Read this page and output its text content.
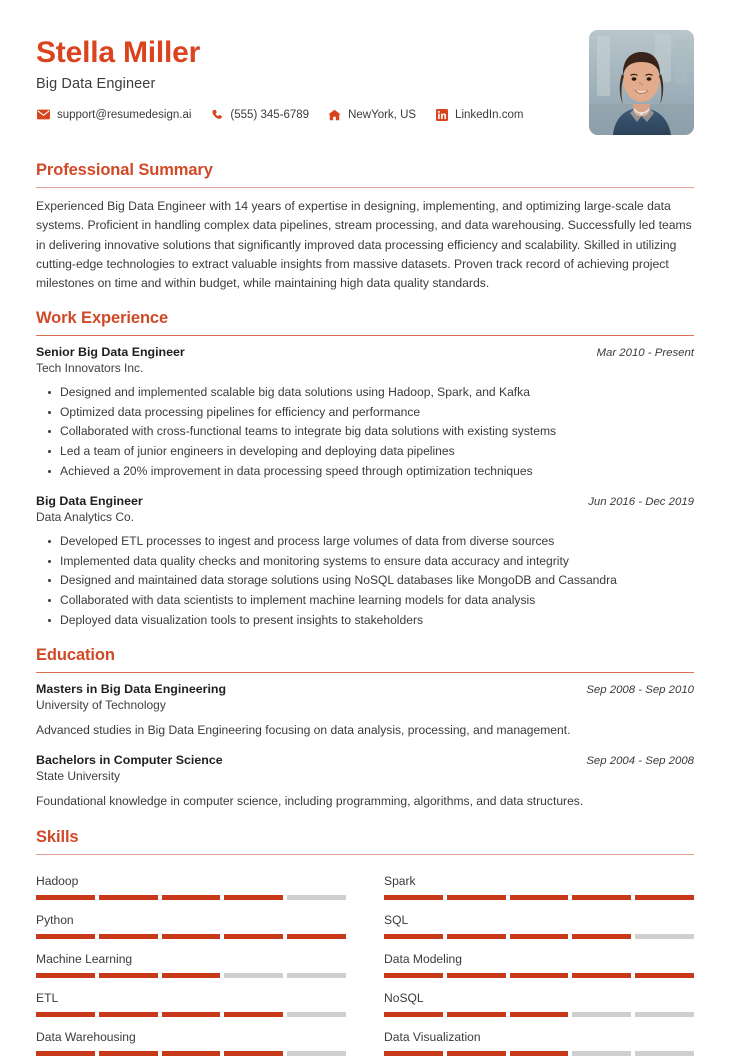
Stella Miller
Big Data Engineer
support@resumedesign.ai	(555) 345-6789	NewYork, US	LinkedIn.com
Professional Summary
Experienced Big Data Engineer with 14 years of expertise in designing, implementing, and optimizing large-scale data systems. Proficient in handling complex data pipelines, stream processing, and data warehousing. Successfully led teams in delivering innovative solutions that significantly improved data processing efficiency and scalability. Skilled in utilizing cutting-edge technologies to extract valuable insights from massive datasets. Proven track record of achieving project milestones on time and within budget, while maintaining high data quality standards.
Work Experience
Senior Big Data Engineer	Mar 2010 - Present
Tech Innovators Inc.
Designed and implemented scalable big data solutions using Hadoop, Spark, and Kafka
Optimized data processing pipelines for efficiency and performance
Collaborated with cross-functional teams to integrate big data solutions with existing systems
Led a team of junior engineers in developing and deploying data pipelines
Achieved a 20% improvement in data processing speed through optimization techniques
Big Data Engineer	Jun 2016 - Dec 2019
Data Analytics Co.
Developed ETL processes to ingest and process large volumes of data from diverse sources
Implemented data quality checks and monitoring systems to ensure data accuracy and integrity
Designed and maintained data storage solutions using NoSQL databases like MongoDB and Cassandra
Collaborated with data scientists to implement machine learning models for data analysis
Deployed data visualization tools to present insights to stakeholders
Education
Masters in Big Data Engineering	Sep 2008 - Sep 2010
University of Technology
Advanced studies in Big Data Engineering focusing on data analysis, processing, and management.
Bachelors in Computer Science	Sep 2004 - Sep 2008
State University
Foundational knowledge in computer science, including programming, algorithms, and data structures.
Skills
Hadoop	Spark
Python	SQL
Machine Learning	Data Modeling
ETL	NoSQL
Data Warehousing	Data Visualization
